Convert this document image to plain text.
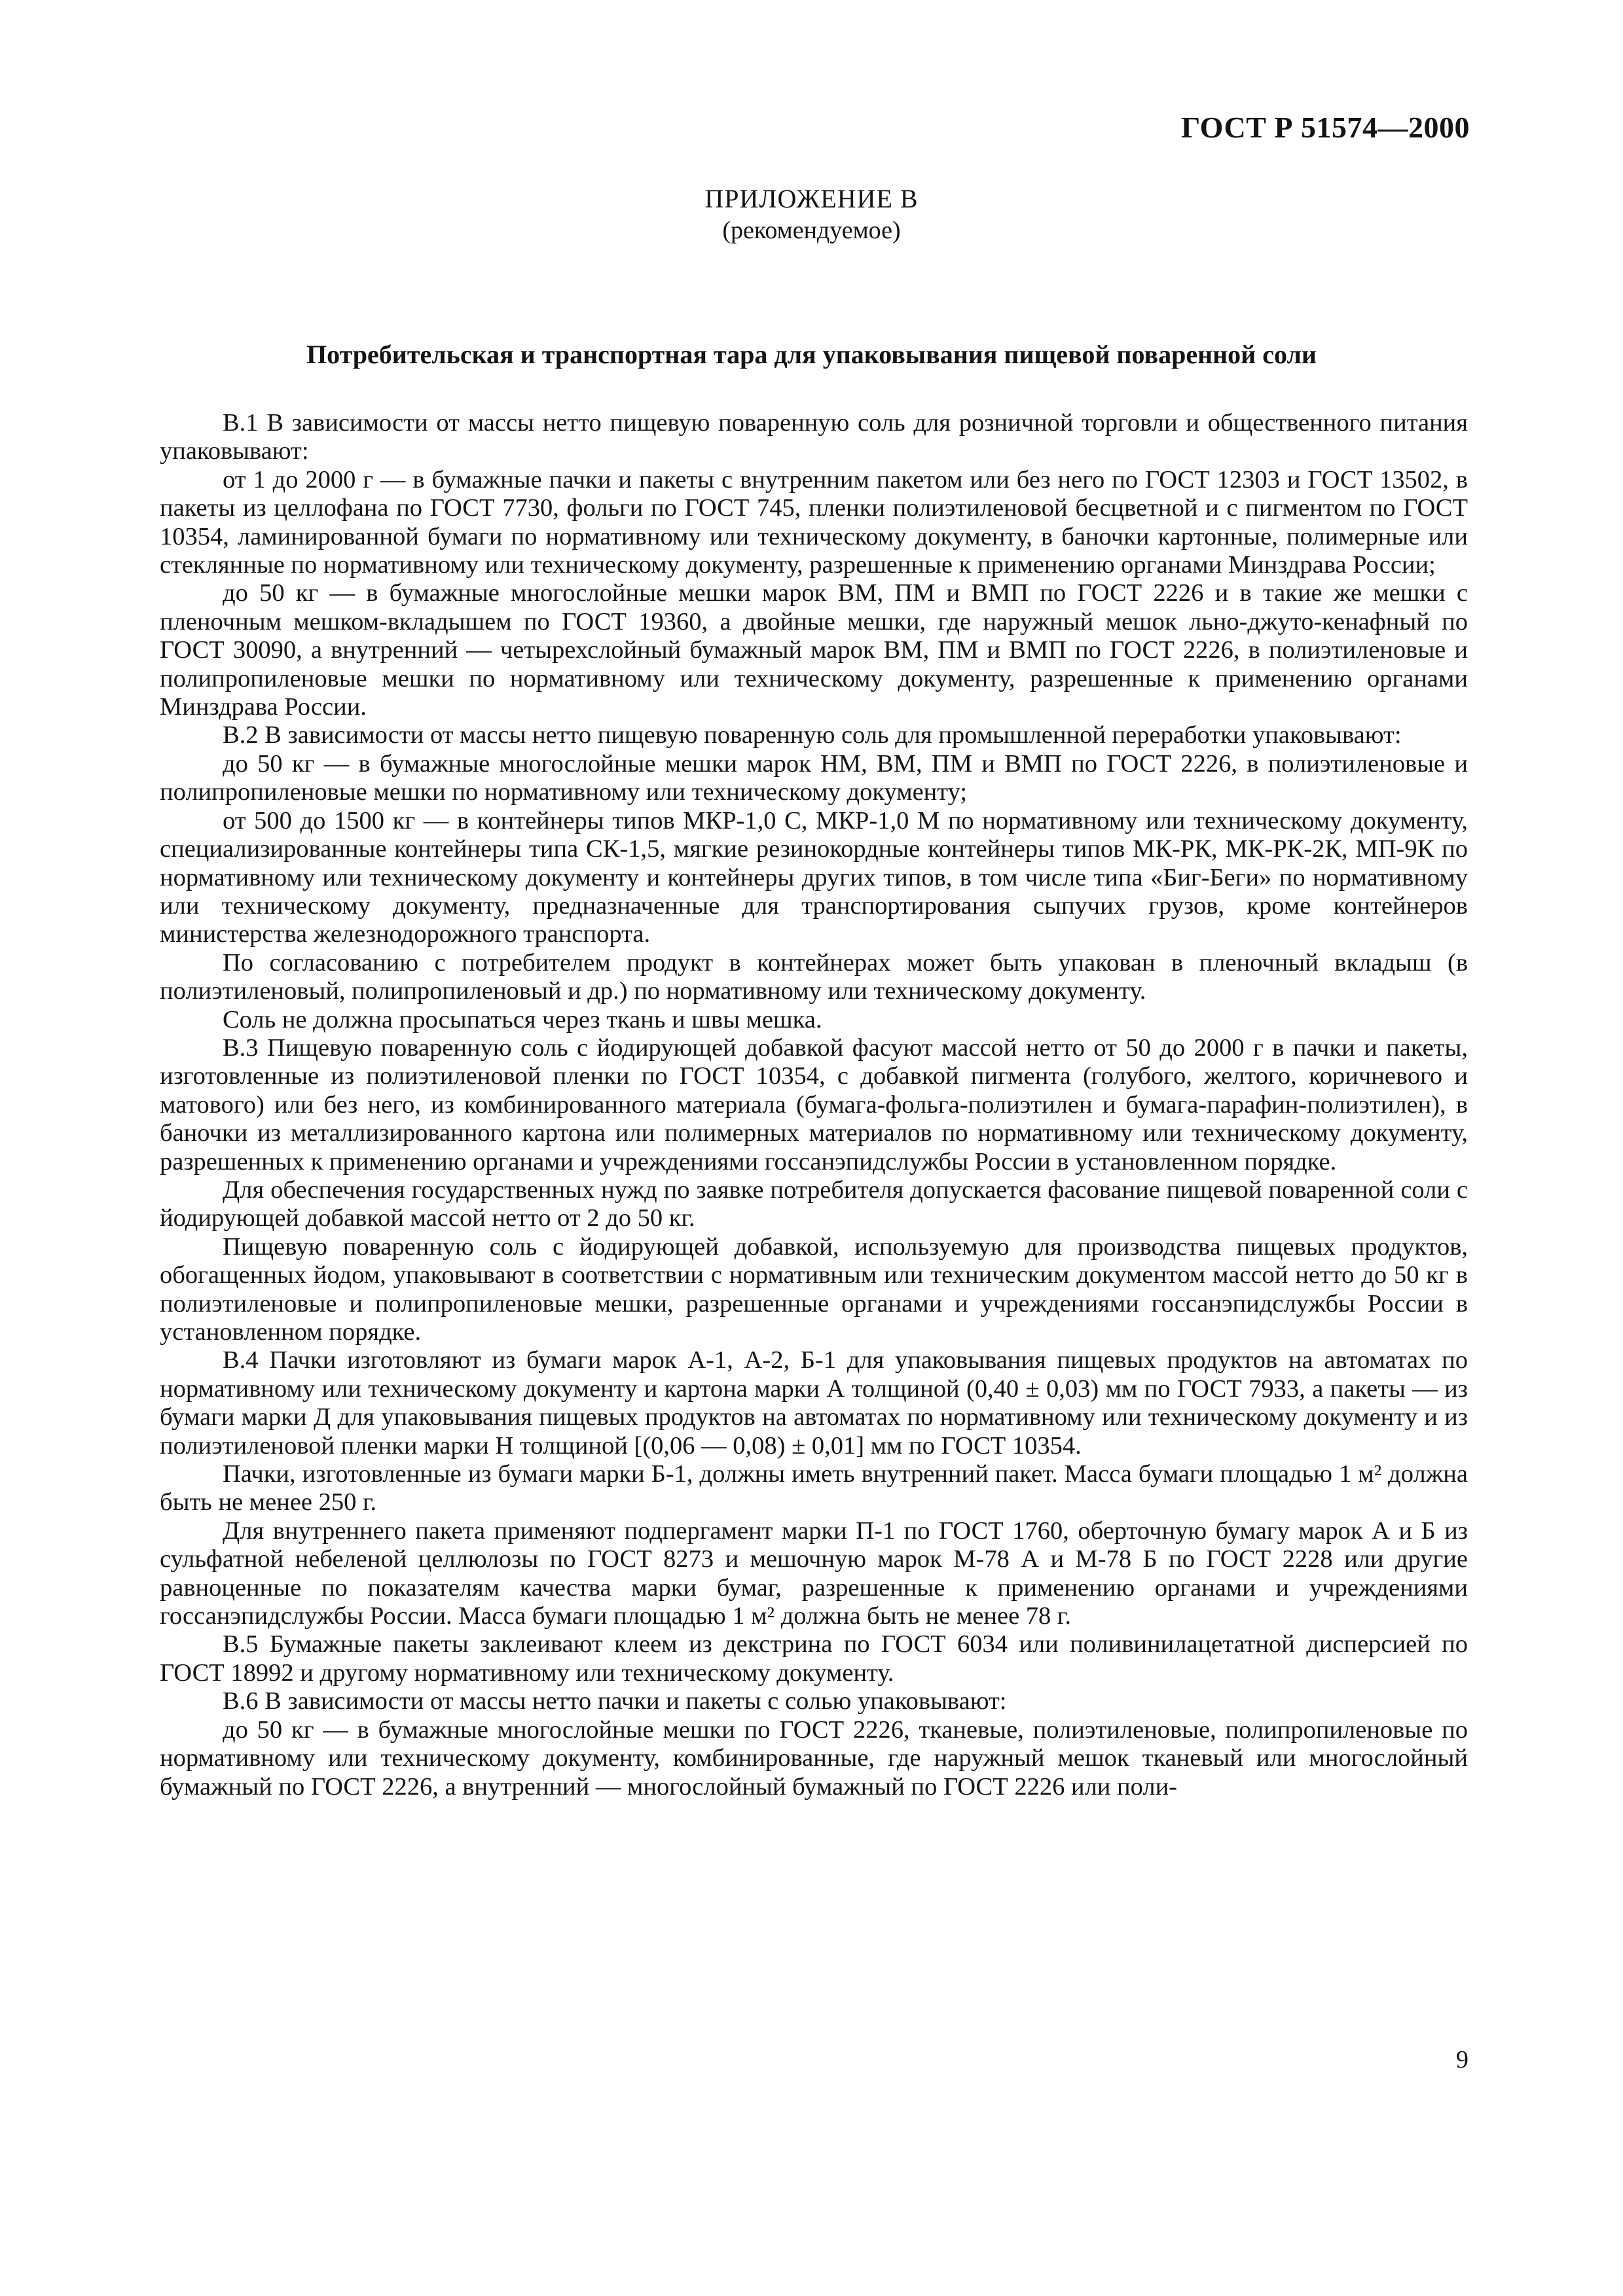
ГОСТ Р 51574—2000
ПРИЛОЖЕНИЕ В
(рекомендуемое)
Потребительская и транспортная тара для упаковывания пищевой поваренной соли

В.1 В зависимости от массы нетто пищевую поваренную соль для розничной торговли и общественного питания упаковывают:

от 1 до 2000 г — в бумажные пачки и пакеты с внутренним пакетом или без него по ГОСТ 12303 и ГОСТ 13502, в пакеты из целлофана по ГОСТ 7730, фольги по ГОСТ 745, пленки полиэтиленовой бесцветной и с пигментом по ГОСТ 10354, ламинированной бумаги по нормативному или техническому документу, в баночки картонные, полимерные или стеклянные по нормативному или техническому документу, разрешенные к применению органами Минздрава России;

до 50 кг — в бумажные многослойные мешки марок ВМ, ПМ и ВМП по ГОСТ 2226 и в такие же мешки с пленочным мешком-вкладышем по ГОСТ 19360, а двойные мешки, где наружный мешок льно-джуто-кенафный по ГОСТ 30090, а внутренний — четырехслойный бумажный марок ВМ, ПМ и ВМП по ГОСТ 2226, в полиэтиленовые и полипропиленовые мешки по нормативному или техническому документу, разрешенные к применению органами Минздрава России.

В.2 В зависимости от массы нетто пищевую поваренную соль для промышленной переработки упаковывают:

до 50 кг — в бумажные многослойные мешки марок НМ, ВМ, ПМ и ВМП по ГОСТ 2226, в полиэтиленовые и полипропиленовые мешки по нормативному или техническому документу;

от 500 до 1500 кг — в контейнеры типов МКР-1,0 С, МКР-1,0 М по нормативному или техническому документу, специализированные контейнеры типа СК-1,5, мягкие резинокордные контейнеры типов МК-РК, МК-РК-2К, МП-9К по нормативному или техническому документу и контейнеры других типов, в том числе типа «Биг-Беги» по нормативному или техническому документу, предназначенные для транспортирования сыпучих грузов, кроме контейнеров министерства железнодорожного транспорта.

По согласованию с потребителем продукт в контейнерах может быть упакован в пленочный вкладыш (в полиэтиленовый, полипропиленовый и др.) по нормативному или техническому документу.

Соль не должна просыпаться через ткань и швы мешка.

В.3 Пищевую поваренную соль с йодирующей добавкой фасуют массой нетто от 50 до 2000 г в пачки и пакеты, изготовленные из полиэтиленовой пленки по ГОСТ 10354, с добавкой пигмента (голубого, желтого, коричневого и матового) или без него, из комбинированного материала (бумага-фольга-полиэтилен и бумага-парафин-полиэтилен), в баночки из металлизированного картона или полимерных материалов по нормативному или техническому документу, разрешенных к применению органами и учреждениями госсанэпидслужбы России в установленном порядке.

Для обеспечения государственных нужд по заявке потребителя допускается фасование пищевой поваренной соли с йодирующей добавкой массой нетто от 2 до 50 кг.

Пищевую поваренную соль с йодирующей добавкой, используемую для производства пищевых продуктов, обогащенных йодом, упаковывают в соответствии с нормативным или техническим документом массой нетто до 50 кг в полиэтиленовые и полипропиленовые мешки, разрешенные органами и учреждениями госсанэпидслужбы России в установленном порядке.

В.4 Пачки изготовляют из бумаги марок А-1, А-2, Б-1 для упаковывания пищевых продуктов на автоматах по нормативному или техническому документу и картона марки А толщиной (0,40 ± 0,03) мм по ГОСТ 7933, а пакеты — из бумаги марки Д для упаковывания пищевых продуктов на автоматах по нормативному или техническому документу и из полиэтиленовой пленки марки Н толщиной [(0,06 — 0,08) ± 0,01] мм по ГОСТ 10354.

Пачки, изготовленные из бумаги марки Б-1, должны иметь внутренний пакет. Масса бумаги площадью 1 м² должна быть не менее 250 г.

Для внутреннего пакета применяют подпергамент марки П-1 по ГОСТ 1760, оберточную бумагу марок А и Б из сульфатной небеленой целлюлозы по ГОСТ 8273 и мешочную марок М-78 А и М-78 Б по ГОСТ 2228 или другие равноценные по показателям качества марки бумаг, разрешенные к применению органами и учреждениями госсанэпидслужбы России. Масса бумаги площадью 1 м² должна быть не менее 78 г.

В.5 Бумажные пакеты заклеивают клеем из декстрина по ГОСТ 6034 или поливинилацетатной дисперсией по ГОСТ 18992 и другому нормативному или техническому документу.

В.6 В зависимости от массы нетто пачки и пакеты с солью упаковывают:

до 50 кг — в бумажные многослойные мешки по ГОСТ 2226, тканевые, полиэтиленовые, полипропиленовые по нормативному или техническому документу, комбинированные, где наружный мешок тканевый или многослойный бумажный по ГОСТ 2226, а внутренний — многослойный бумажный по ГОСТ 2226 или поли-

9
